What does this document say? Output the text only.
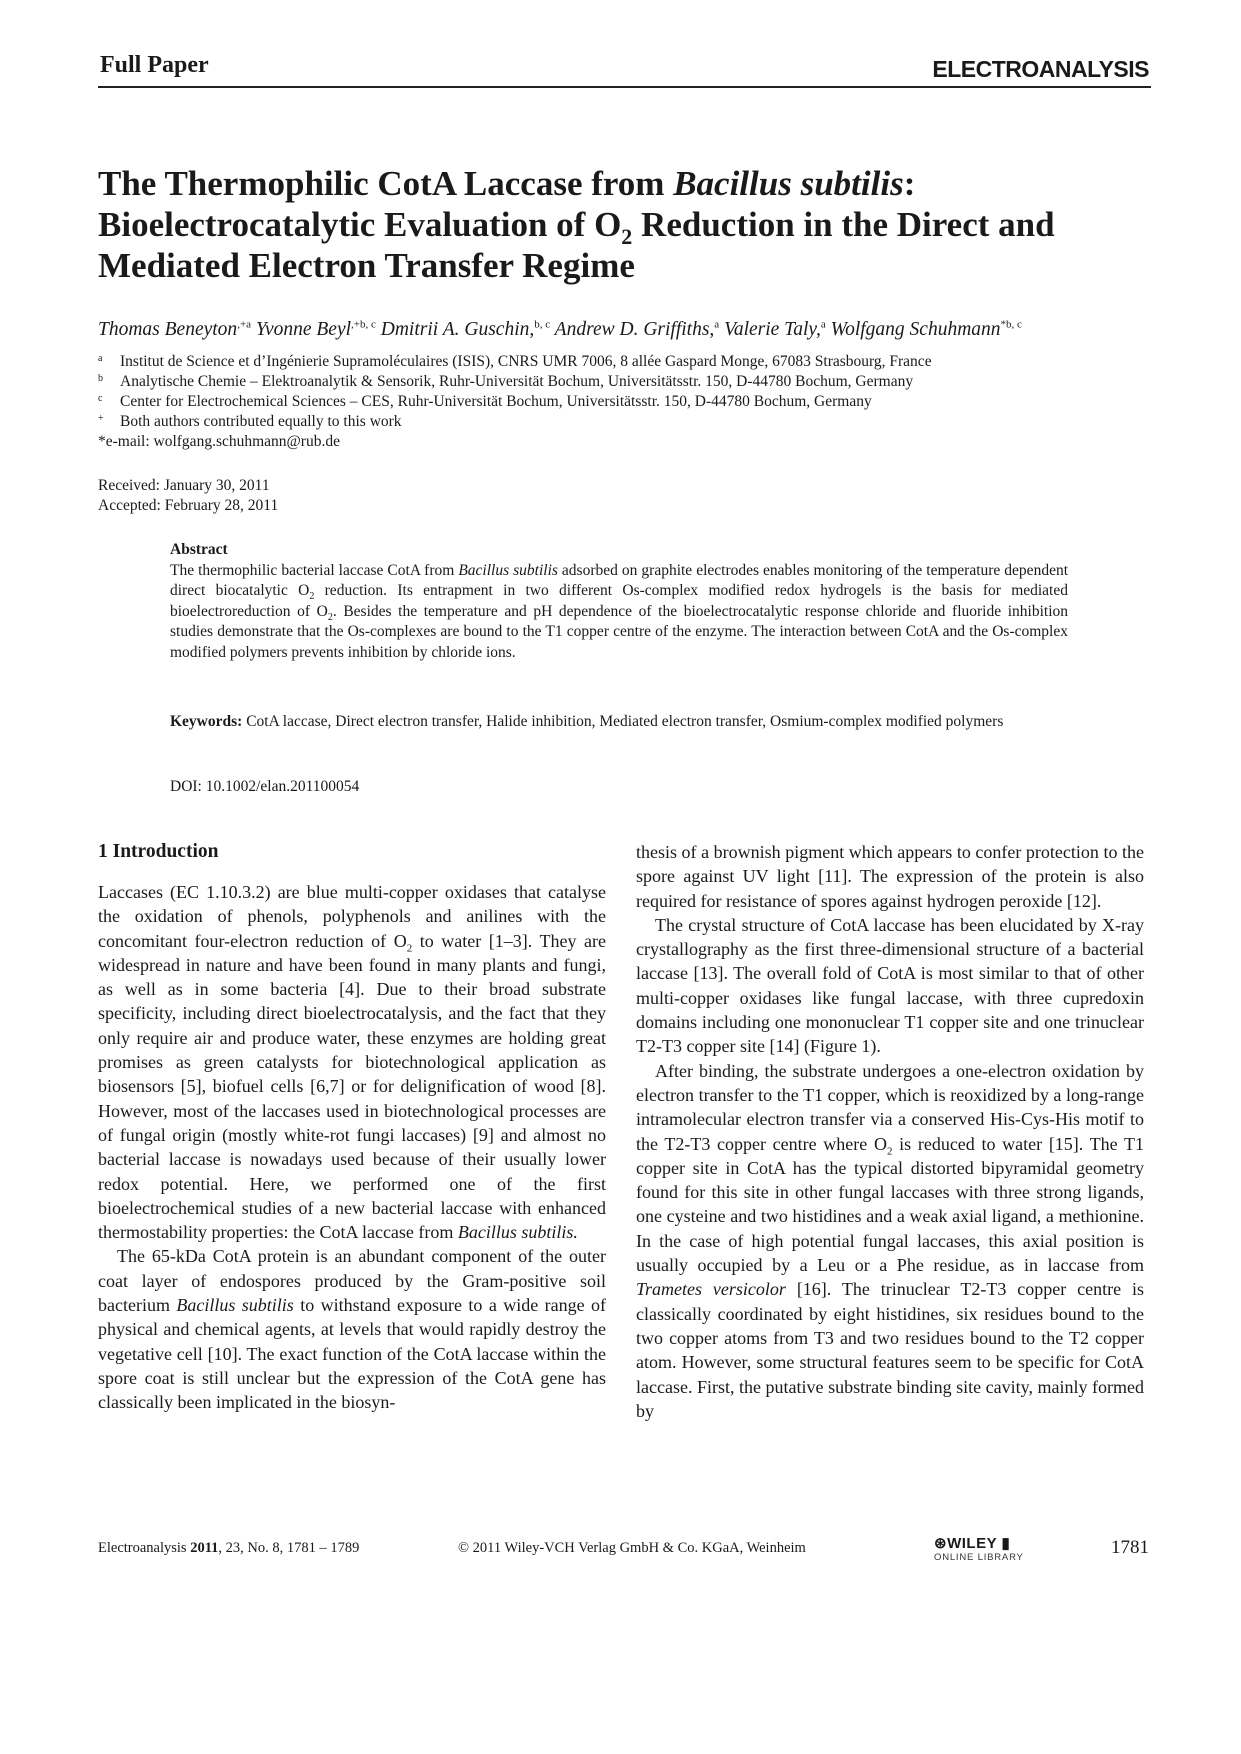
Full Paper	ELECTROANALYSIS
The Thermophilic CotA Laccase from Bacillus subtilis:
Bioelectrocatalytic Evaluation of $O_2$ Reduction in the Direct and
Mediated Electron Transfer Regime
Thomas Beneyton$^{,+a}$ Yvonne Beyl$^{,+b, c}$ Dmitrii A. Guschin,$^{b, c}$ Andrew D. Griffiths,$^a$ Valerie Taly,$^a$ Wolfgang Schuhmann$^{*b, c}$
$^a$ Institut de Science et d’Ingénierie Supramoléculaires (ISIS), CNRS UMR 7006, 8 allée Gaspard Monge, 67083 Strasbourg, France
$^b$ Analytische Chemie – Elektroanalytik & Sensorik, Ruhr-Universität Bochum, Universitätsstr. 150, D-44780 Bochum, Germany
$^c$ Center for Electrochemical Sciences – CES, Ruhr-Universität Bochum, Universitätsstr. 150, D-44780 Bochum, Germany
+ Both authors contributed equally to this work
*e-mail: wolfgang.schuhmann@rub.de
Received: January 30, 2011
Accepted: February 28, 2011
Abstract
The thermophilic bacterial laccase CotA from Bacillus subtilis adsorbed on graphite electrodes enables monitoring of the temperature dependent direct biocatalytic $O_2$ reduction. Its entrapment in two different Os-complex modified redox hydrogels is the basis for mediated bioelectroreduction of $O_2$. Besides the temperature and pH dependence of the bioelectrocatalytic response chloride and fluoride inhibition studies demonstrate that the Os-complexes are bound to the T1 copper centre of the enzyme. The interaction between CotA and the Os-complex modified polymers prevents inhibition by chloride ions.
Keywords: CotA laccase, Direct electron transfer, Halide inhibition, Mediated electron transfer, Osmium-complex modified polymers
DOI: 10.1002/elan.201100054
1 Introduction

Laccases (EC 1.10.3.2) are blue multi-copper oxidases that catalyse the oxidation of phenols, polyphenols and anilines with the concomitant four-electron reduction of $O_2$ to water [1–3]. They are widespread in nature and have been found in many plants and fungi, as well as in some bacteria [4]. Due to their broad substrate specificity, including direct bioelectrocatalysis, and the fact that they only require air and produce water, these enzymes are holding great promises as green catalysts for biotechnological application as biosensors [5], biofuel cells [6,7] or for delignification of wood [8]. However, most of the laccases used in biotechnological processes are of fungal origin (mostly white-rot fungi laccases) [9] and almost no bacterial laccase is nowadays used because of their usually lower redox potential. Here, we performed one of the first bioelectrochemical studies of a new bacterial laccase with enhanced thermostability properties: the CotA laccase from Bacillus subtilis.

The 65-kDa CotA protein is an abundant component of the outer coat layer of endospores produced by the Gram-positive soil bacterium Bacillus subtilis to withstand exposure to a wide range of physical and chemical agents, at levels that would rapidly destroy the vegetative cell [10]. The exact function of the CotA laccase within the spore coat is still unclear but the expression of the CotA gene has classically been implicated in the biosyn-

thesis of a brownish pigment which appears to confer protection to the spore against UV light [11]. The expression of the protein is also required for resistance of spores against hydrogen peroxide [12].

The crystal structure of CotA laccase has been elucidated by X-ray crystallography as the first three-dimensional structure of a bacterial laccase [13]. The overall fold of CotA is most similar to that of other multi-copper oxidases like fungal laccase, with three cupredoxin domains including one mononuclear T1 copper site and one trinuclear T2-T3 copper site [14] (Figure 1).

After binding, the substrate undergoes a one-electron oxidation by electron transfer to the T1 copper, which is reoxidized by a long-range intramolecular electron transfer via a conserved His-Cys-His motif to the T2-T3 copper centre where $O_2$ is reduced to water [15]. The T1 copper site in CotA has the typical distorted bipyramidal geometry found for this site in other fungal laccases with three strong ligands, one cysteine and two histidines and a weak axial ligand, a methionine. In the case of high potential fungal laccases, this axial position is usually occupied by a Leu or a Phe residue, as in laccase from Trametes versicolor [16]. The trinuclear T2-T3 copper centre is classically coordinated by eight histidines, six residues bound to the two copper atoms from T3 and two residues bound to the T2 copper atom. However, some structural features seem to be specific for CotA laccase. First, the putative substrate binding site cavity, mainly formed by

Electroanalysis 2011, 23, No. 8, 1781 – 1789	© 2011 Wiley-VCH Verlag GmbH & Co. KGaA, Weinheim	⊛WILEY ▮
ONLINE LIBRARY	1781
